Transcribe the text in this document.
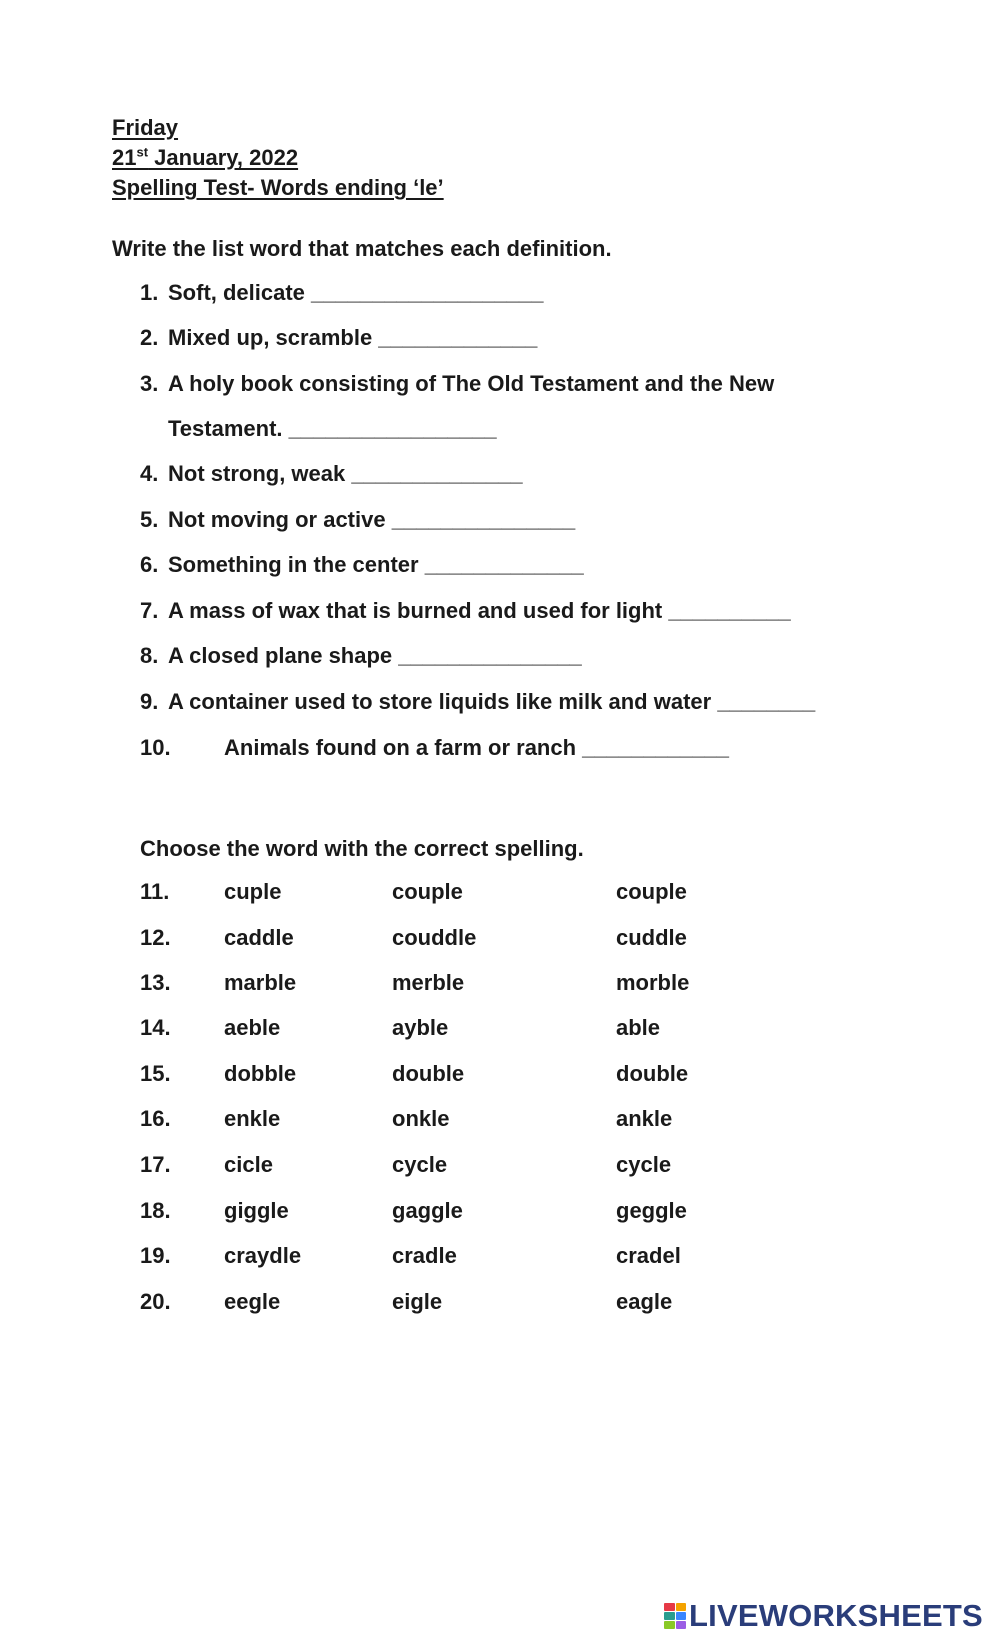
Friday
21st January, 2022
Spelling Test- Words ending ‘le’
Write the list word that matches each definition.
1. Soft, delicate ___________________
2. Mixed up, scramble _____________
3. A holy book consisting of The Old Testament and the New
Testament. _________________
4. Not strong, weak ______________
5. Not moving or active _______________
6. Something in the center _____________
7. A mass of wax that is burned and used for light __________
8. A closed plane shape _______________
9. A container used to store liquids like milk and water ________
10. Animals found on a farm or ranch ____________
Choose the word with the correct spelling.
11. cuple	couple	couple
12. caddle	couddle	cuddle
13. marble	merble	morble
14. aeble	ayble	able
15. dobble	double	double
16. enkle	onkle	ankle
17. cicle	cycle	cycle
18. giggle	gaggle	geggle
19. craydle	cradle	cradel
20. eegle	eigle	eagle
LIVEWORKSHEETS
